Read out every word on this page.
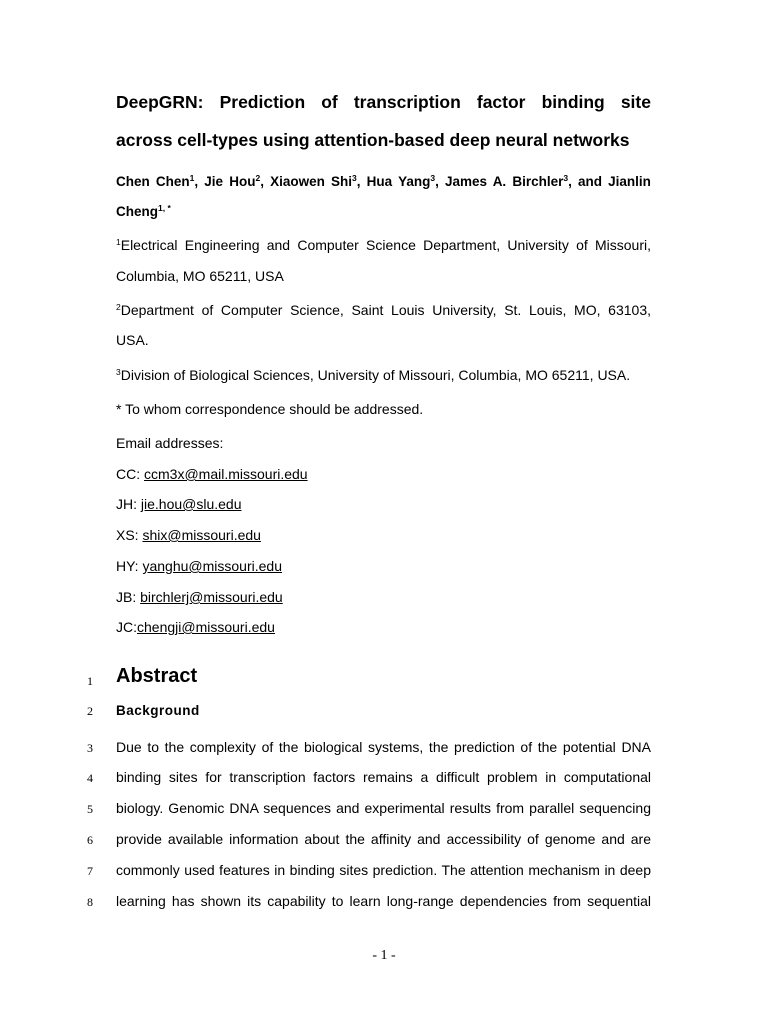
DeepGRN: Prediction of transcription factor binding site
across cell-types using attention-based deep neural networks
Chen Chen$^1$, Jie Hou$^2$, Xiaowen Shi$^3$, Hua Yang$^3$, James A. Birchler$^3$, and Jianlin
Cheng$^{1, *}$
$^1$Electrical Engineering and Computer Science Department, University of Missouri,
Columbia, MO 65211, USA
$^2$Department of Computer Science, Saint Louis University, St. Louis, MO, 63103,
USA.
$^3$Division of Biological Sciences, University of Missouri, Columbia, MO 65211, USA.
* To whom correspondence should be addressed.
Email addresses:
CC: ccm3x@mail.missouri.edu
JH: jie.hou@slu.edu
XS: shix@missouri.edu
HY: yanghu@missouri.edu
JB: birchlerj@missouri.edu
JC:chengji@missouri.edu
1 Abstract
2 Background
3 Due to the complexity of the biological systems, the prediction of the potential DNA
4 binding sites for transcription factors remains a difficult problem in computational
5 biology. Genomic DNA sequences and experimental results from parallel sequencing
6 provide available information about the affinity and accessibility of genome and are
7 commonly used features in binding sites prediction. The attention mechanism in deep
8 learning has shown its capability to learn long-range dependencies from sequential
- 1 -
